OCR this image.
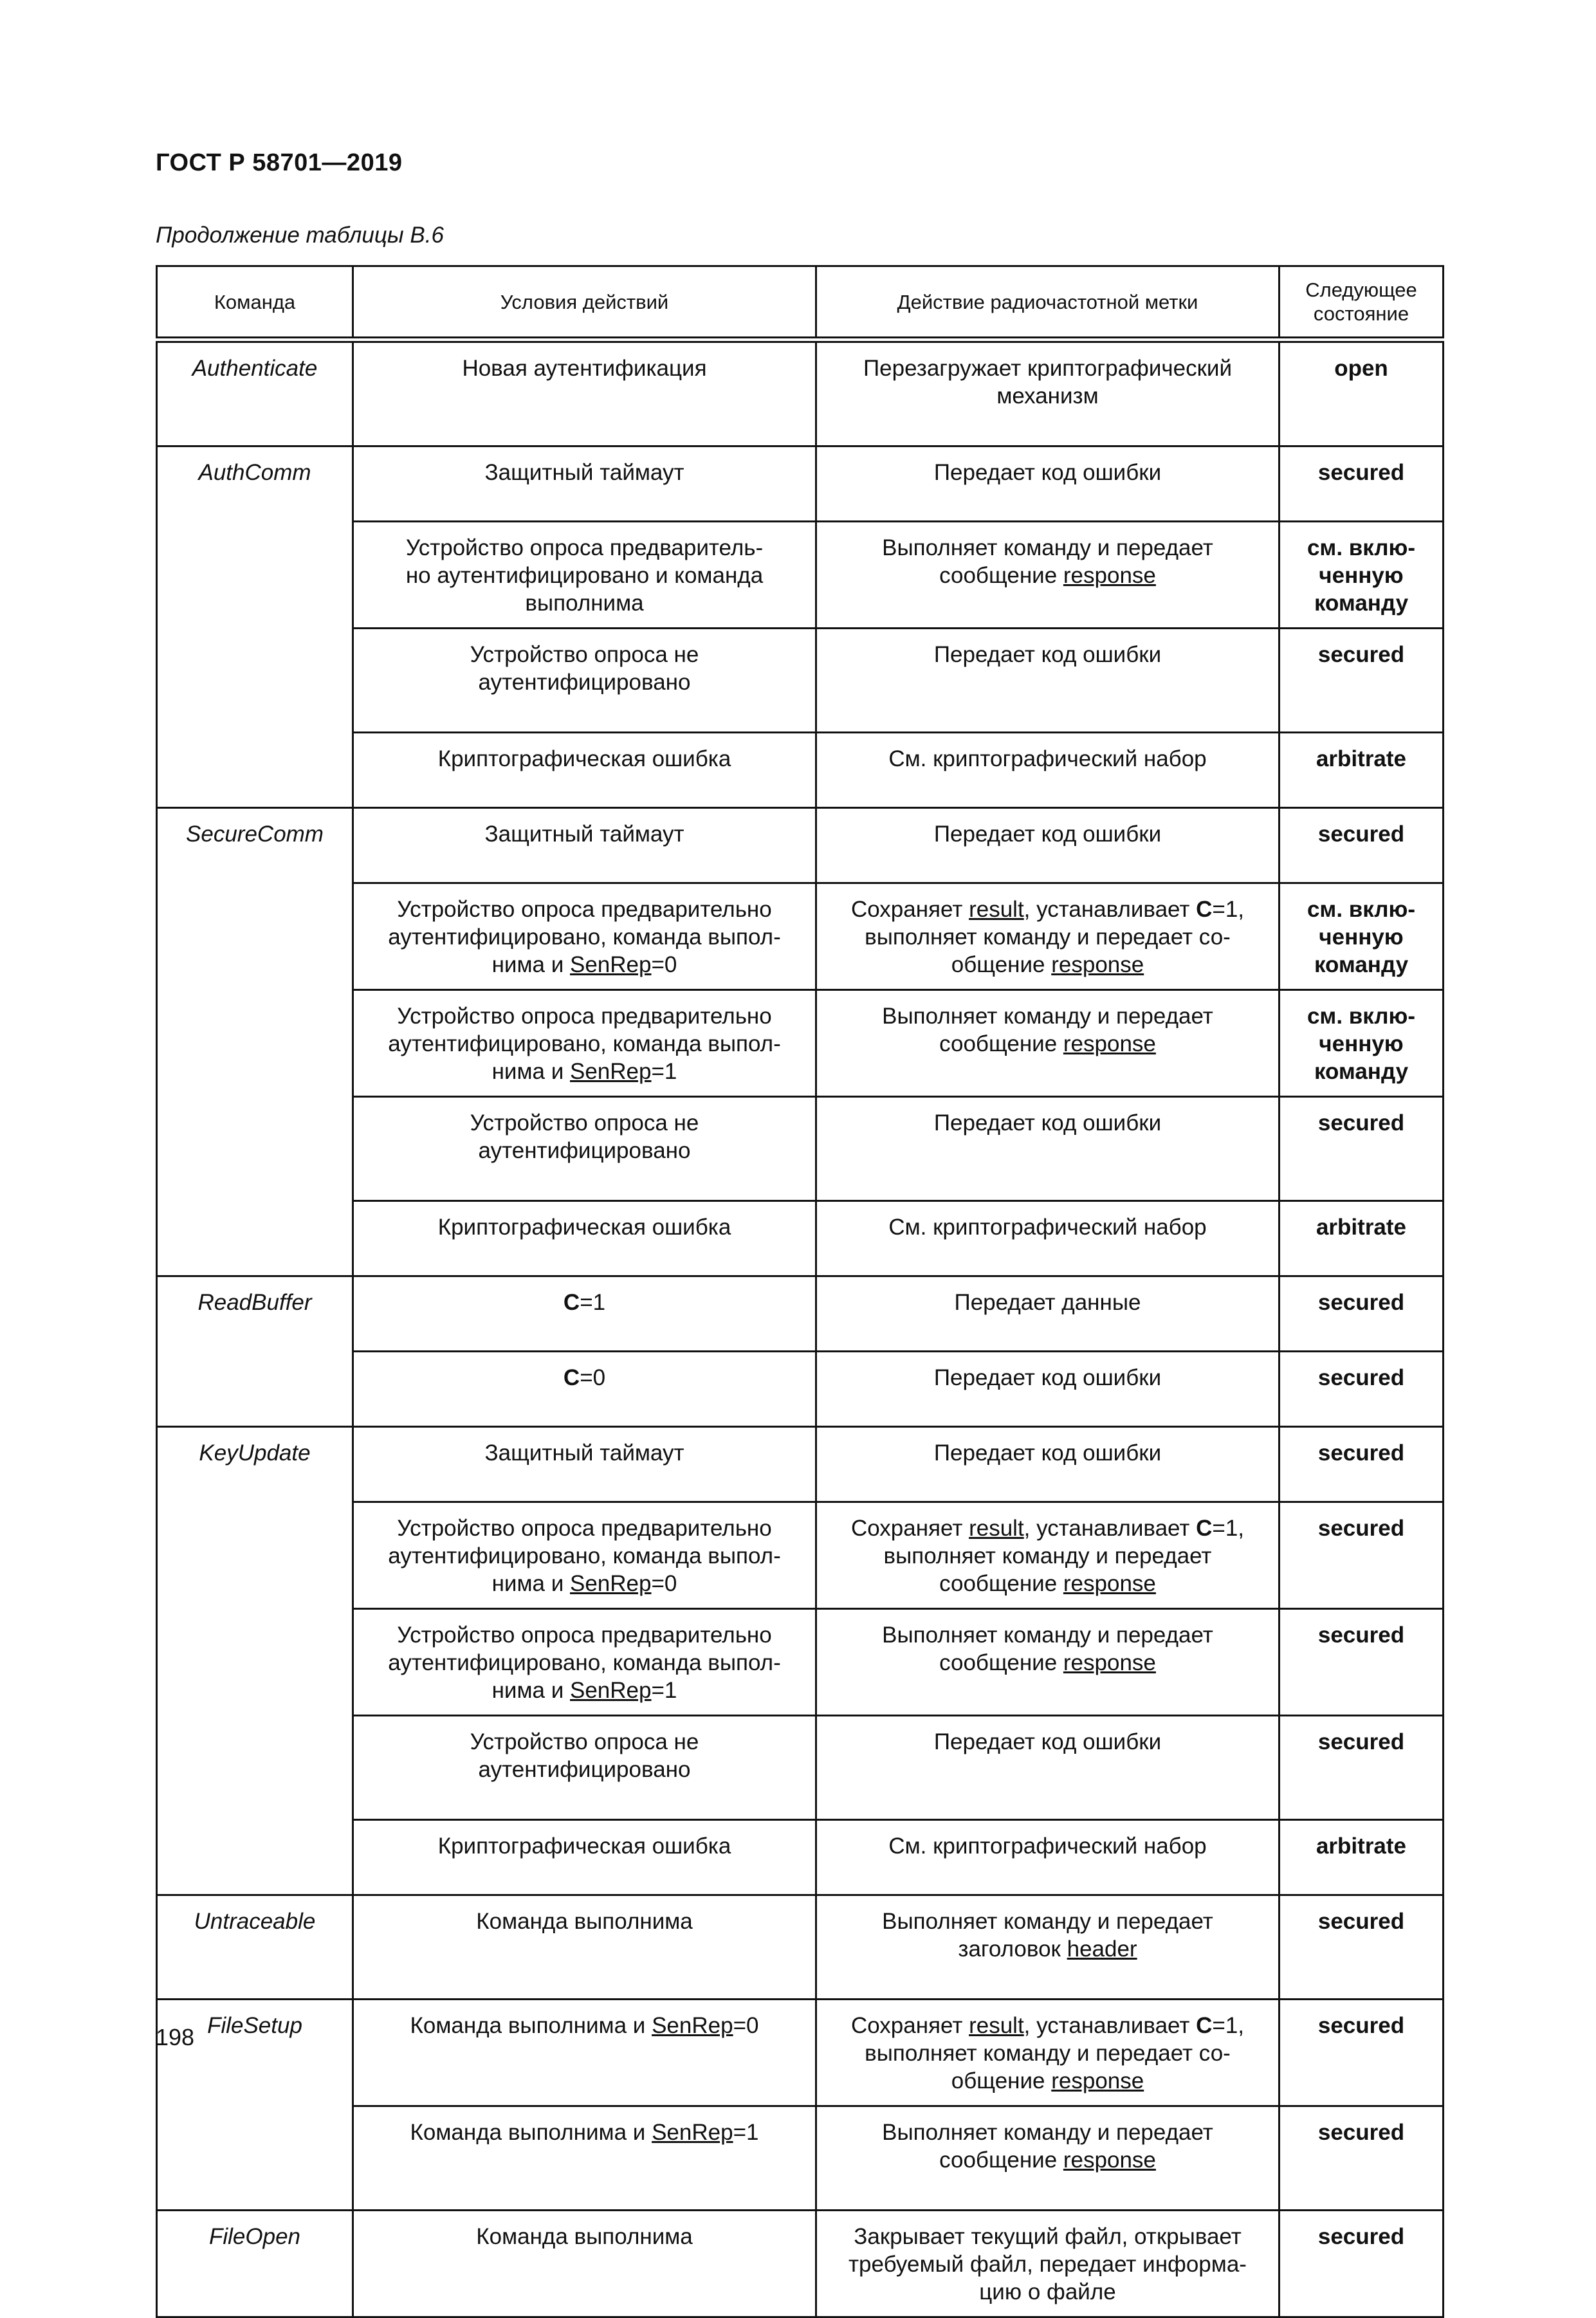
ГОСТ Р 58701—2019
Продолжение таблицы В.6
Команда	Условия действий	Действие радиочастотной метки	Следующее состояние
Authenticate	Новая аутентификация	Перезагружает криптографический
механизм	open
AuthComm	Защитный таймаут	Передает код ошибки	secured
	Устройство опроса предваритель-
но аутентифицировано и команда
выполнима	Выполняет команду и передает
сообщение response	см. вклю-
ченную
команду
	Устройство опроса не
аутентифицировано	Передает код ошибки	secured
	Криптографическая ошибка	См. криптографический набор	arbitrate
SecureComm	Защитный таймаут	Передает код ошибки	secured
	Устройство опроса предварительно
аутентифицировано, команда выпол-
нима и SenRep=0	Сохраняет result, устанавливает C=1,
выполняет команду и передает со-
общение response	см. вклю-
ченную
команду
	Устройство опроса предварительно
аутентифицировано, команда выпол-
нима и SenRep=1	Выполняет команду и передает
сообщение response	см. вклю-
ченную
команду
	Устройство опроса не
аутентифицировано	Передает код ошибки	secured
	Криптографическая ошибка	См. криптографический набор	arbitrate
ReadBuffer	C=1	Передает данные	secured
	C=0	Передает код ошибки	secured
KeyUpdate	Защитный таймаут	Передает код ошибки	secured
	Устройство опроса предварительно
аутентифицировано, команда выпол-
нима и SenRep=0	Сохраняет result, устанавливает C=1,
выполняет команду и передает
сообщение response	secured
	Устройство опроса предварительно
аутентифицировано, команда выпол-
нима и SenRep=1	Выполняет команду и передает
сообщение response	secured
	Устройство опроса не
аутентифицировано	Передает код ошибки	secured
	Криптографическая ошибка	См. криптографический набор	arbitrate
Untraceable	Команда выполнима	Выполняет команду и передает
заголовок header	secured
FileSetup	Команда выполнима и SenRep=0	Сохраняет result, устанавливает C=1,
выполняет команду и передает со-
общение response	secured
	Команда выполнима и SenRep=1	Выполняет команду и передает
сообщение response	secured
FileOpen	Команда выполнима	Закрывает текущий файл, открывает
требуемый файл, передает информа-
цию о файле	secured
198
